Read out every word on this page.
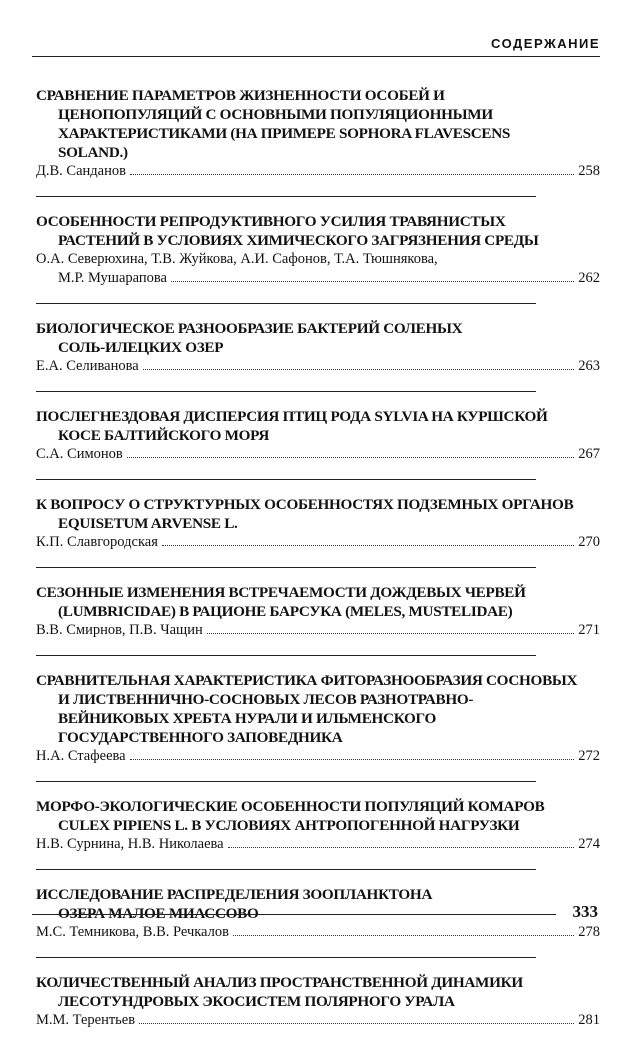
СОДЕРЖАНИЕ
СРАВНЕНИЕ ПАРАМЕТРОВ ЖИЗНЕННОСТИ ОСОБЕЙ И
ЦЕНОПОПУЛЯЦИЙ С ОСНОВНЫМИ ПОПУЛЯЦИОННЫМИ
ХАРАКТЕРИСТИКАМИ (НА ПРИМЕРЕ SOPHORA FLAVESCENS
SOLAND.)
Д.В. Санданов	258
ОСОБЕННОСТИ РЕПРОДУКТИВНОГО УСИЛИЯ ТРАВЯНИСТЫХ
РАСТЕНИЙ В УСЛОВИЯХ ХИМИЧЕСКОГО ЗАГРЯЗНЕНИЯ СРЕДЫ
О.А. Северюхина, Т.В. Жуйкова, А.И. Сафонов, Т.А. Тюшнякова,
М.Р. Мушарапова	262
БИОЛОГИЧЕСКОЕ РАЗНООБРАЗИЕ БАКТЕРИЙ СОЛЕНЫХ
СОЛЬ-ИЛЕЦКИХ ОЗЕР
Е.А. Селиванова	263
ПОСЛЕГНЕЗДОВАЯ ДИСПЕРСИЯ ПТИЦ РОДА SYLVIA НА КУРШСКОЙ
КОСЕ БАЛТИЙСКОГО МОРЯ
С.А. Симонов	267
К ВОПРОСУ О СТРУКТУРНЫХ ОСОБЕННОСТЯХ ПОДЗЕМНЫХ ОРГАНОВ
EQUISETUM ARVENSE L.
К.П. Славгородская	270
СЕЗОННЫЕ ИЗМЕНЕНИЯ ВСТРЕЧАЕМОСТИ ДОЖДЕВЫХ ЧЕРВЕЙ
(LUMBRICIDAE) В РАЦИОНЕ БАРСУКА (MELES, MUSTELIDAE)
В.В. Смирнов, П.В. Чащин	271
СРАВНИТЕЛЬНАЯ ХАРАКТЕРИСТИКА ФИТОРАЗНООБРАЗИЯ СОСНОВЫХ
И ЛИСТВЕННИЧНО-СОСНОВЫХ ЛЕСОВ РАЗНОТРАВНО-
ВЕЙНИКОВЫХ ХРЕБТА НУРАЛИ И ИЛЬМЕНСКОГО
ГОСУДАРСТВЕННОГО ЗАПОВЕДНИКА
Н.А. Стафеева	272
МОРФО-ЭКОЛОГИЧЕСКИЕ ОСОБЕННОСТИ ПОПУЛЯЦИЙ КОМАРОВ
CULEX PIPIENS L. В УСЛОВИЯХ АНТРОПОГЕННОЙ НАГРУЗКИ
Н.В. Сурнина, Н.В. Николаева	274
ИССЛЕДОВАНИЕ РАСПРЕДЕЛЕНИЯ ЗООПЛАНКТОНА
ОЗЕРА МАЛОЕ МИАССОВО
М.С. Темникова, В.В. Речкалов	278
КОЛИЧЕСТВЕННЫЙ АНАЛИЗ ПРОСТРАНСТВЕННОЙ ДИНАМИКИ
ЛЕСОТУНДРОВЫХ ЭКОСИСТЕМ ПОЛЯРНОГО УРАЛА
М.М. Терентьев	281
333
